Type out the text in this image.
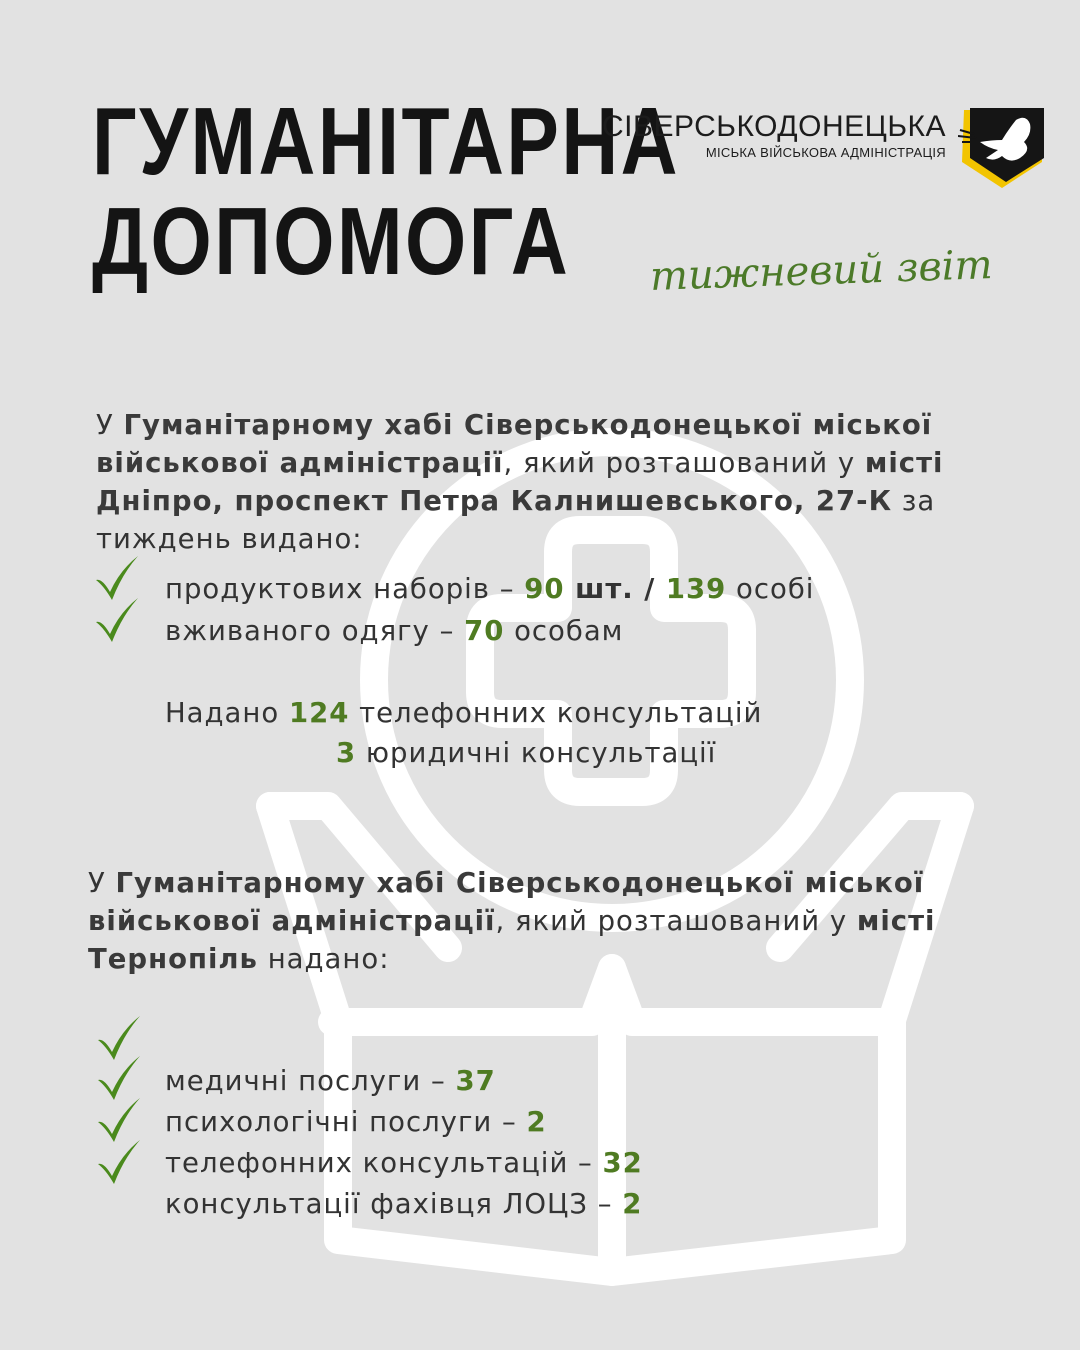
ГУМАНІТАРНА
ДОПОМОГА
СІВЕРСЬКОДОНЕЦЬКА
МІСЬКА ВІЙСЬКОВА АДМІНІСТРАЦІЯ
тижневий звіт

У Гуманітарному хабі Сіверськодонецької міської військової адміністрації, який розташований у місті Дніпро, проспект Петра Калнишевського, 27-К за тиждень видано:

продуктових наборів – 90 шт. / 139 особі
вживаного одягу – 70 особам
Надано 124 телефонних консультацій
3 юридичні консультації

У Гуманітарному хабі Сіверськодонецької міської військової адміністрації, який розташований у місті Тернопіль надано:

медичні послуги – 37
психологічні послуги – 2
телефонних консультацій – 32
консультації фахівця ЛОЦЗ – 2
